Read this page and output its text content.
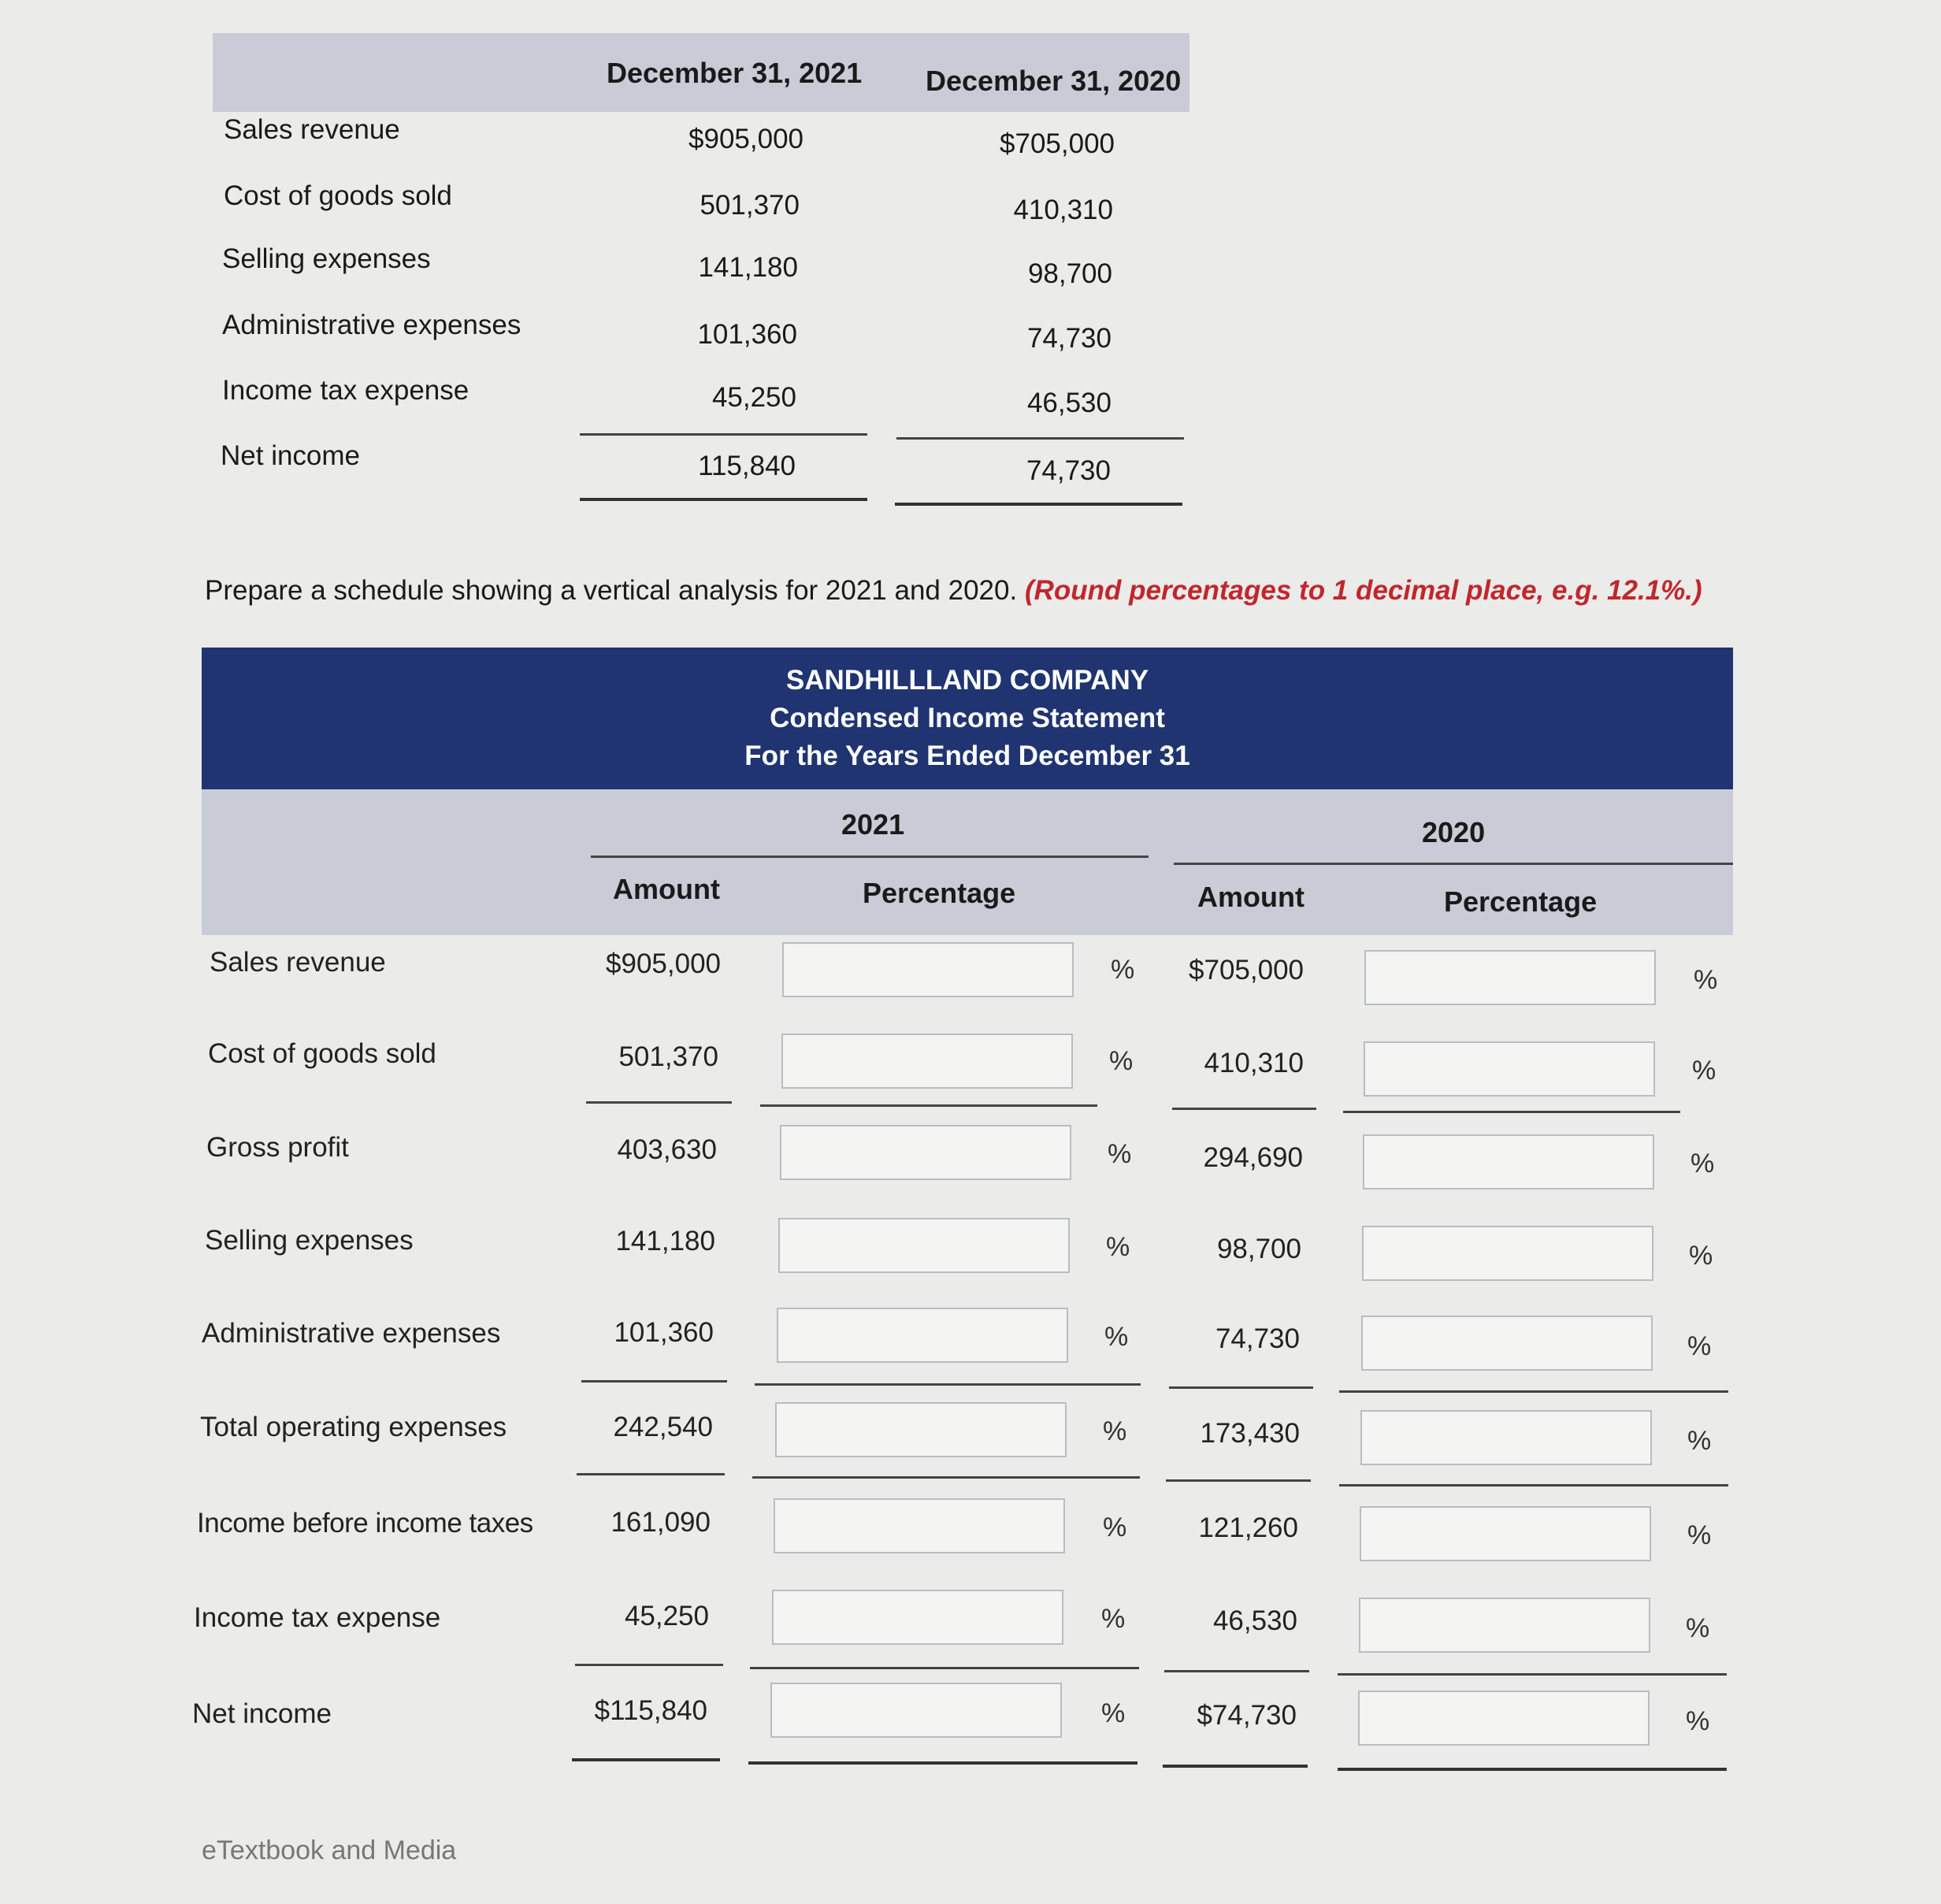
December 31, 2021 December 31, 2020
Sales revenue	$905,000	$705,000
Cost of goods sold	501,370	410,310
Selling expenses	141,180	98,700
Administrative expenses	101,360	74,730
Income tax expense	45,250	46,530
Net income	115,840	74,730
Prepare a schedule showing a vertical analysis for 2021 and 2020. (Round percentages to 1 decimal place, e.g. 12.1%.)
SANDHILLLAND COMPANY
Condensed Income Statement
For the Years Ended December 31
2021	2020
Amount	Percentage	Amount	Percentage
Sales revenue	$905,000	%	$705,000	%
Cost of goods sold	501,370	%	410,310	%
Gross profit	403,630	%	294,690	%
Selling expenses	141,180	%	98,700	%
Administrative expenses	101,360	%	74,730	%
Total operating expenses	242,540	%	173,430	%
Income before income taxes	161,090	%	121,260	%
Income tax expense	45,250	%	46,530	%
Net income	$115,840	%	$74,730	%
eTextbook and Media
